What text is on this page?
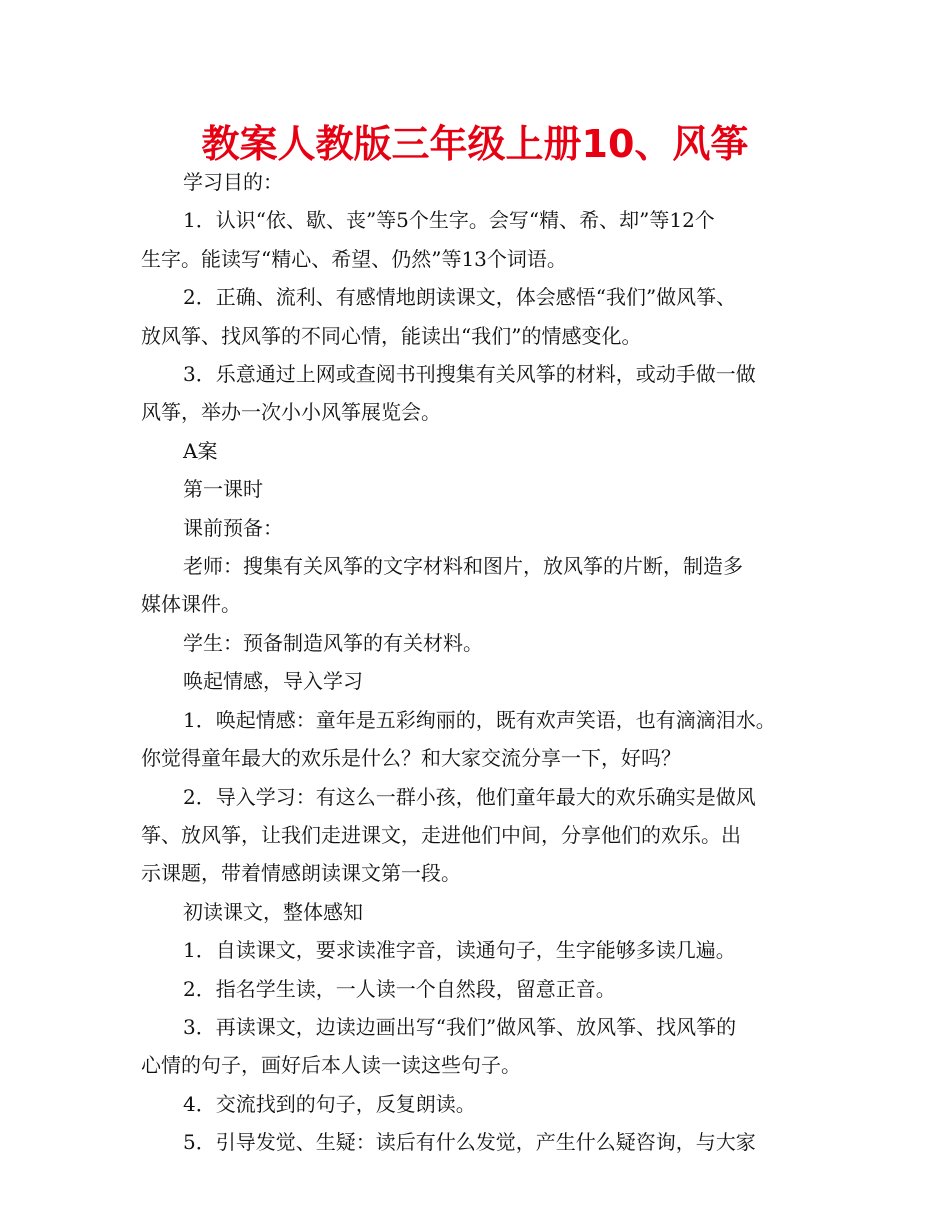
教案人教版三年级上册10、风筝

学习目的：

1．认识“依、歇、丧”等5个生字。会写“精、希、却”等12个

生字。能读写“精心、希望、仍然”等13个词语。

2．正确、流利、有感情地朗读课文，体会感悟“我们”做风筝、

放风筝、找风筝的不同心情，能读出“我们”的情感变化。

3．乐意通过上网或查阅书刊搜集有关风筝的材料，或动手做一做

风筝，举办一次小小风筝展览会。

A案

第一课时

课前预备：

老师：搜集有关风筝的文字材料和图片，放风筝的片断，制造多

媒体课件。

学生：预备制造风筝的有关材料。

唤起情感，导入学习

1．唤起情感：童年是五彩绚丽的，既有欢声笑语，也有滴滴泪水。

你觉得童年最大的欢乐是什么？和大家交流分享一下，好吗？

2．导入学习：有这么一群小孩，他们童年最大的欢乐确实是做风

筝、放风筝，让我们走进课文，走进他们中间，分享他们的欢乐。出

示课题，带着情感朗读课文第一段。

初读课文，整体感知

1．自读课文，要求读准字音，读通句子，生字能够多读几遍。

2．指名学生读，一人读一个自然段，留意正音。

3．再读课文，边读边画出写“我们”做风筝、放风筝、找风筝的

心情的句子，画好后本人读一读这些句子。

4．交流找到的句子，反复朗读。

5．引导发觉、生疑：读后有什么发觉，产生什么疑咨询，与大家
